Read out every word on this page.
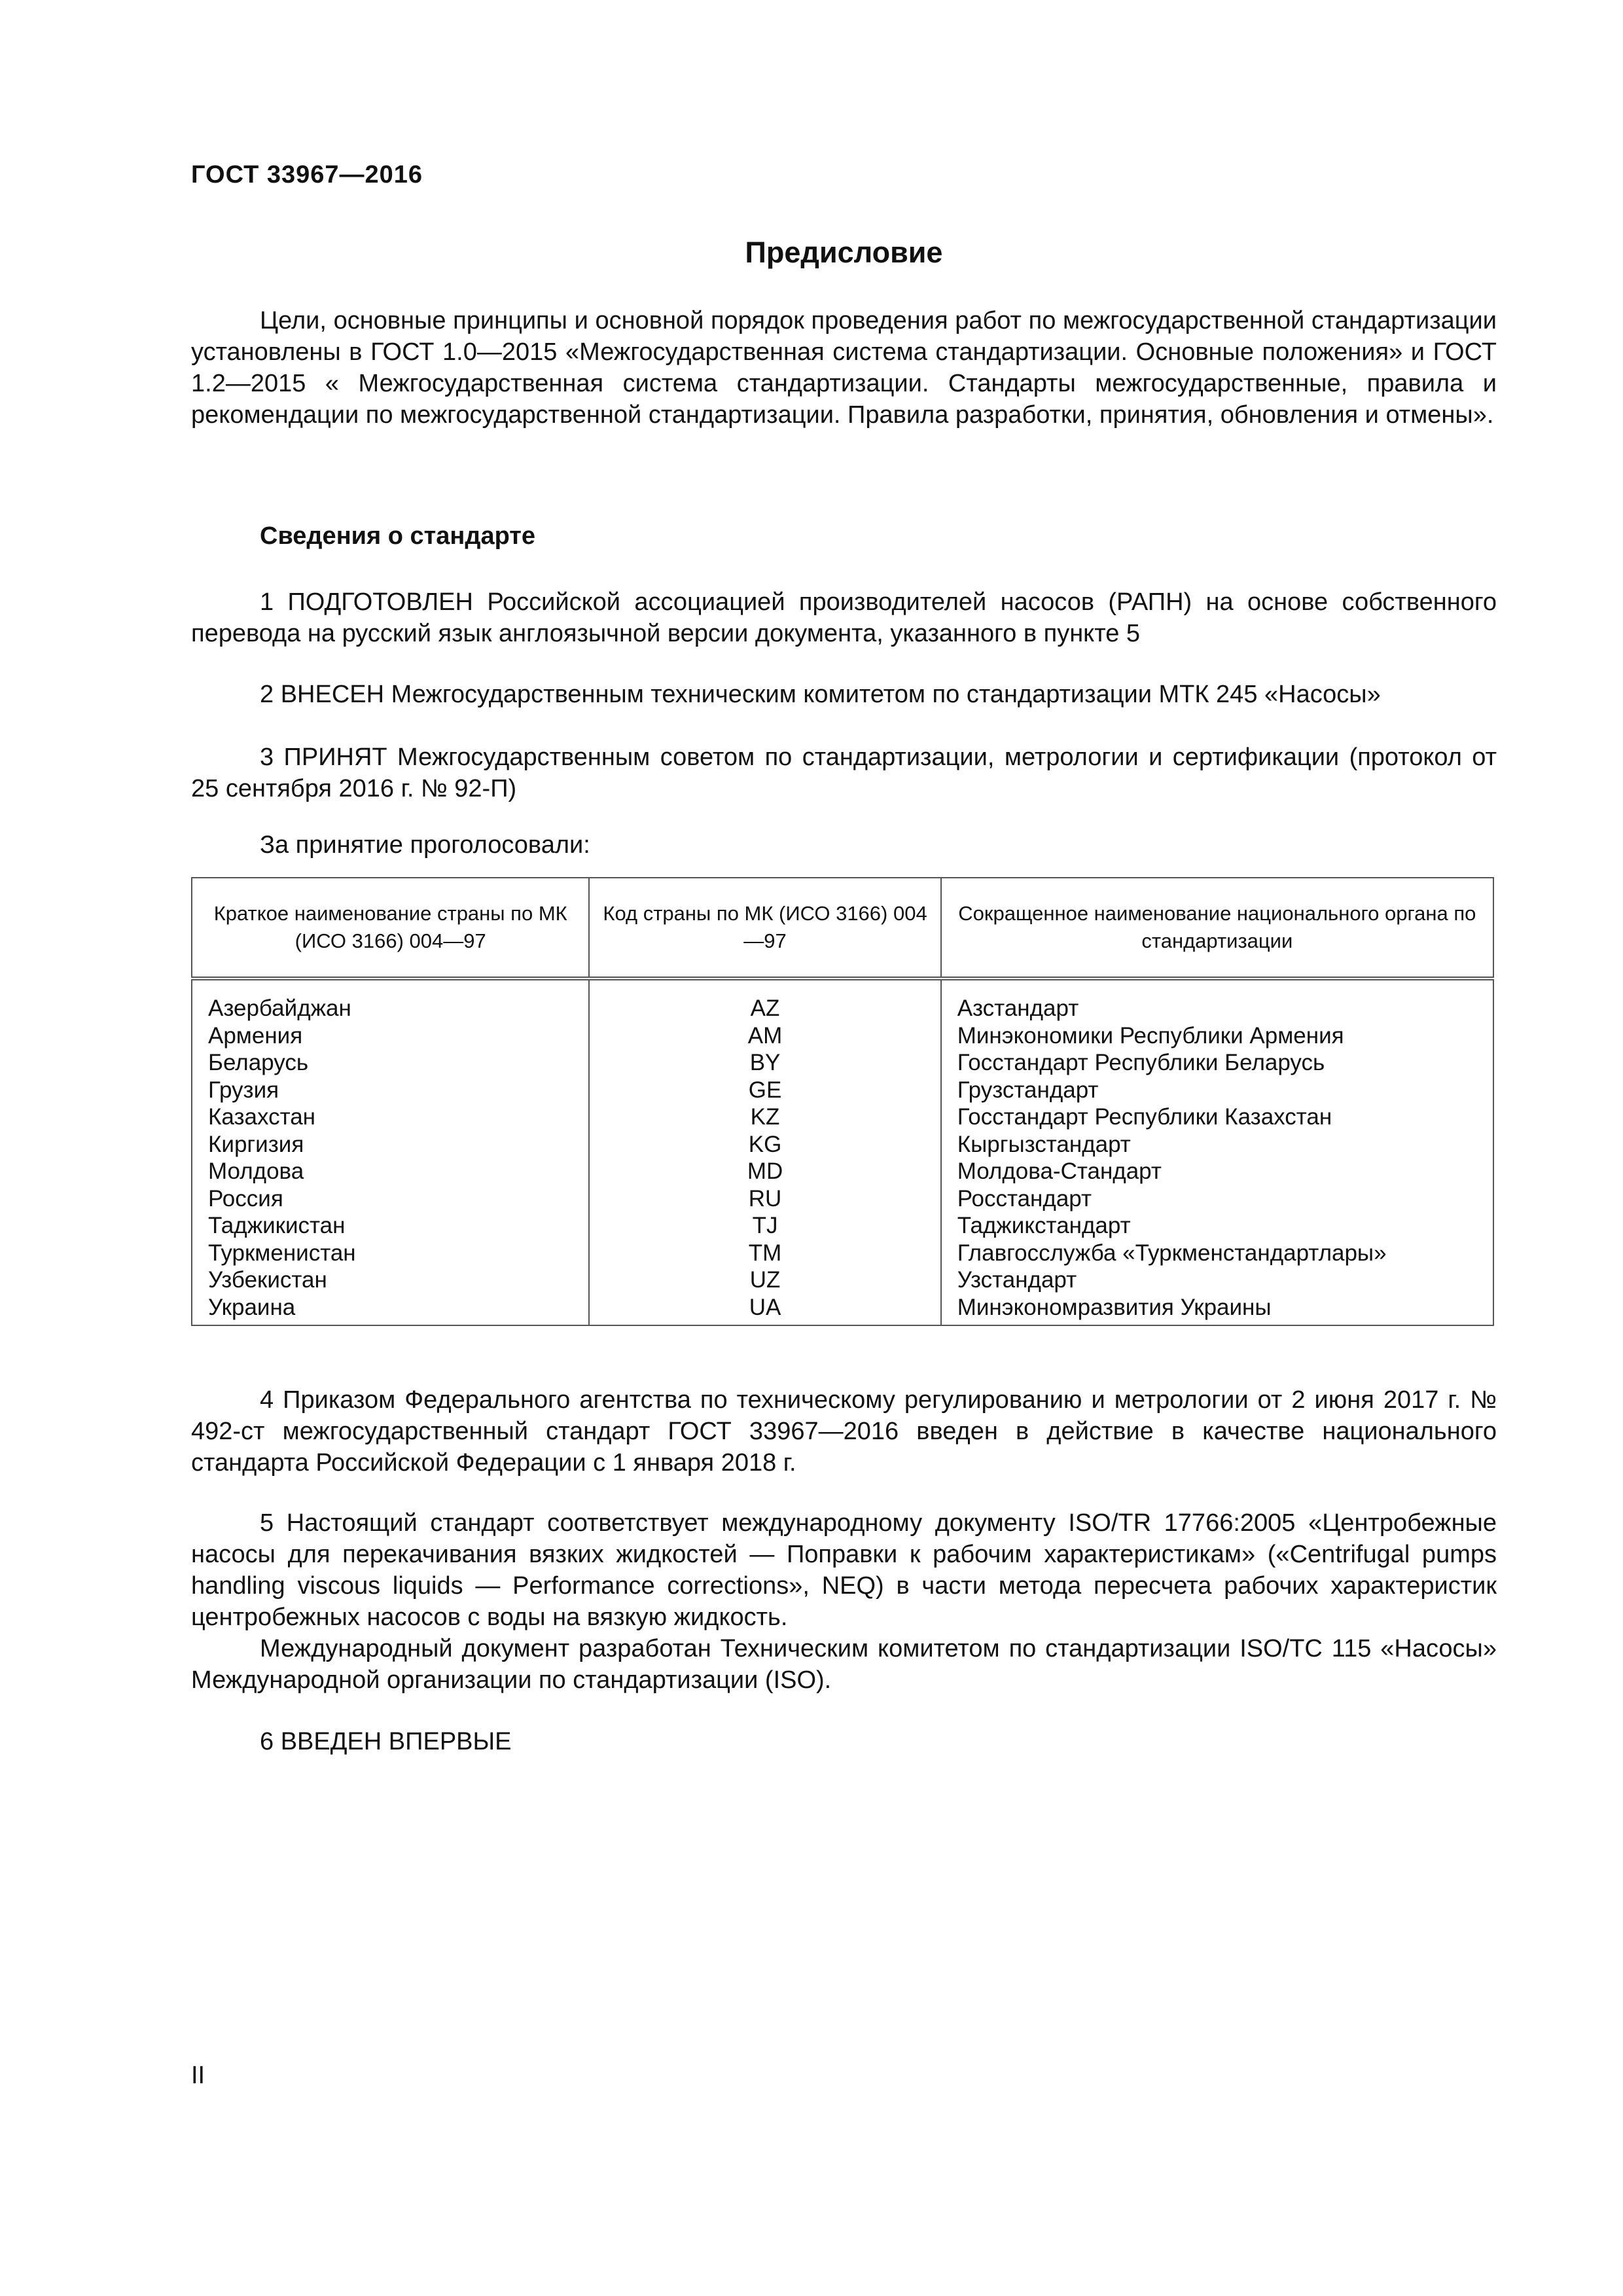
ГОСТ 33967—2016
Предисловие

Цели, основные принципы и основной порядок проведения работ по межгосударственной стандартизации установлены в ГОСТ 1.0—2015 «Межгосударственная система стандартизации. Основные положения» и ГОСТ 1.2—2015 « Межгосударственная система стандартизации. Стандарты межгосударственные, правила и рекомендации по межгосударственной стандартизации. Правила разработки, принятия, обновления и отмены».

Сведения о стандарте

1 ПОДГОТОВЛЕН Российской ассоциацией производителей насосов (РАПН) на основе собственного перевода на русский язык англоязычной версии документа, указанного в пункте 5

2 ВНЕСЕН Межгосударственным техническим комитетом по стандартизации МТК 245 «Насосы»

3 ПРИНЯТ Межгосударственным советом по стандартизации, метрологии и сертификации (протокол от 25 сентября 2016 г. № 92-П)

За принятие проголосовали:
Краткое наименование страны по МК (ИСО 3166) 004—97	Код страны по МК (ИСО 3166) 004—97	Сокращенное наименование национального органа по стандартизации
Азербайджан	AZ	Азстандарт
Армения	AM	Минэкономики Республики Армения
Беларусь	BY	Госстандарт Республики Беларусь
Грузия	GE	Грузстандарт
Казахстан	KZ	Госстандарт Республики Казахстан
Киргизия	KG	Кыргызстандарт
Молдова	MD	Молдова-Стандарт
Россия	RU	Росстандарт
Таджикистан	TJ	Таджикстандарт
Туркменистан	TM	Главгосслужба «Туркменстандартлары»
Узбекистан	UZ	Узстандарт
Украина	UA	Минэкономразвития Украины

4 Приказом Федерального агентства по техническому регулированию и метрологии от 2 июня 2017 г. № 492-ст межгосударственный стандарт ГОСТ 33967—2016 введен в действие в качестве национального стандарта Российской Федерации с 1 января 2018 г.

5 Настоящий стандарт соответствует международному документу ISO/TR 17766:2005 «Центробежные насосы для перекачивания вязких жидкостей — Поправки к рабочим характеристикам» («Centrifugal pumps handling viscous liquids — Performance corrections», NEQ) в части метода пересчета рабочих характеристик центробежных насосов с воды на вязкую жидкость.

Международный документ разработан Техническим комитетом по стандартизации ISO/TC 115 «Насосы» Международной организации по стандартизации (ISO).

6 ВВЕДЕН ВПЕРВЫЕ

II
